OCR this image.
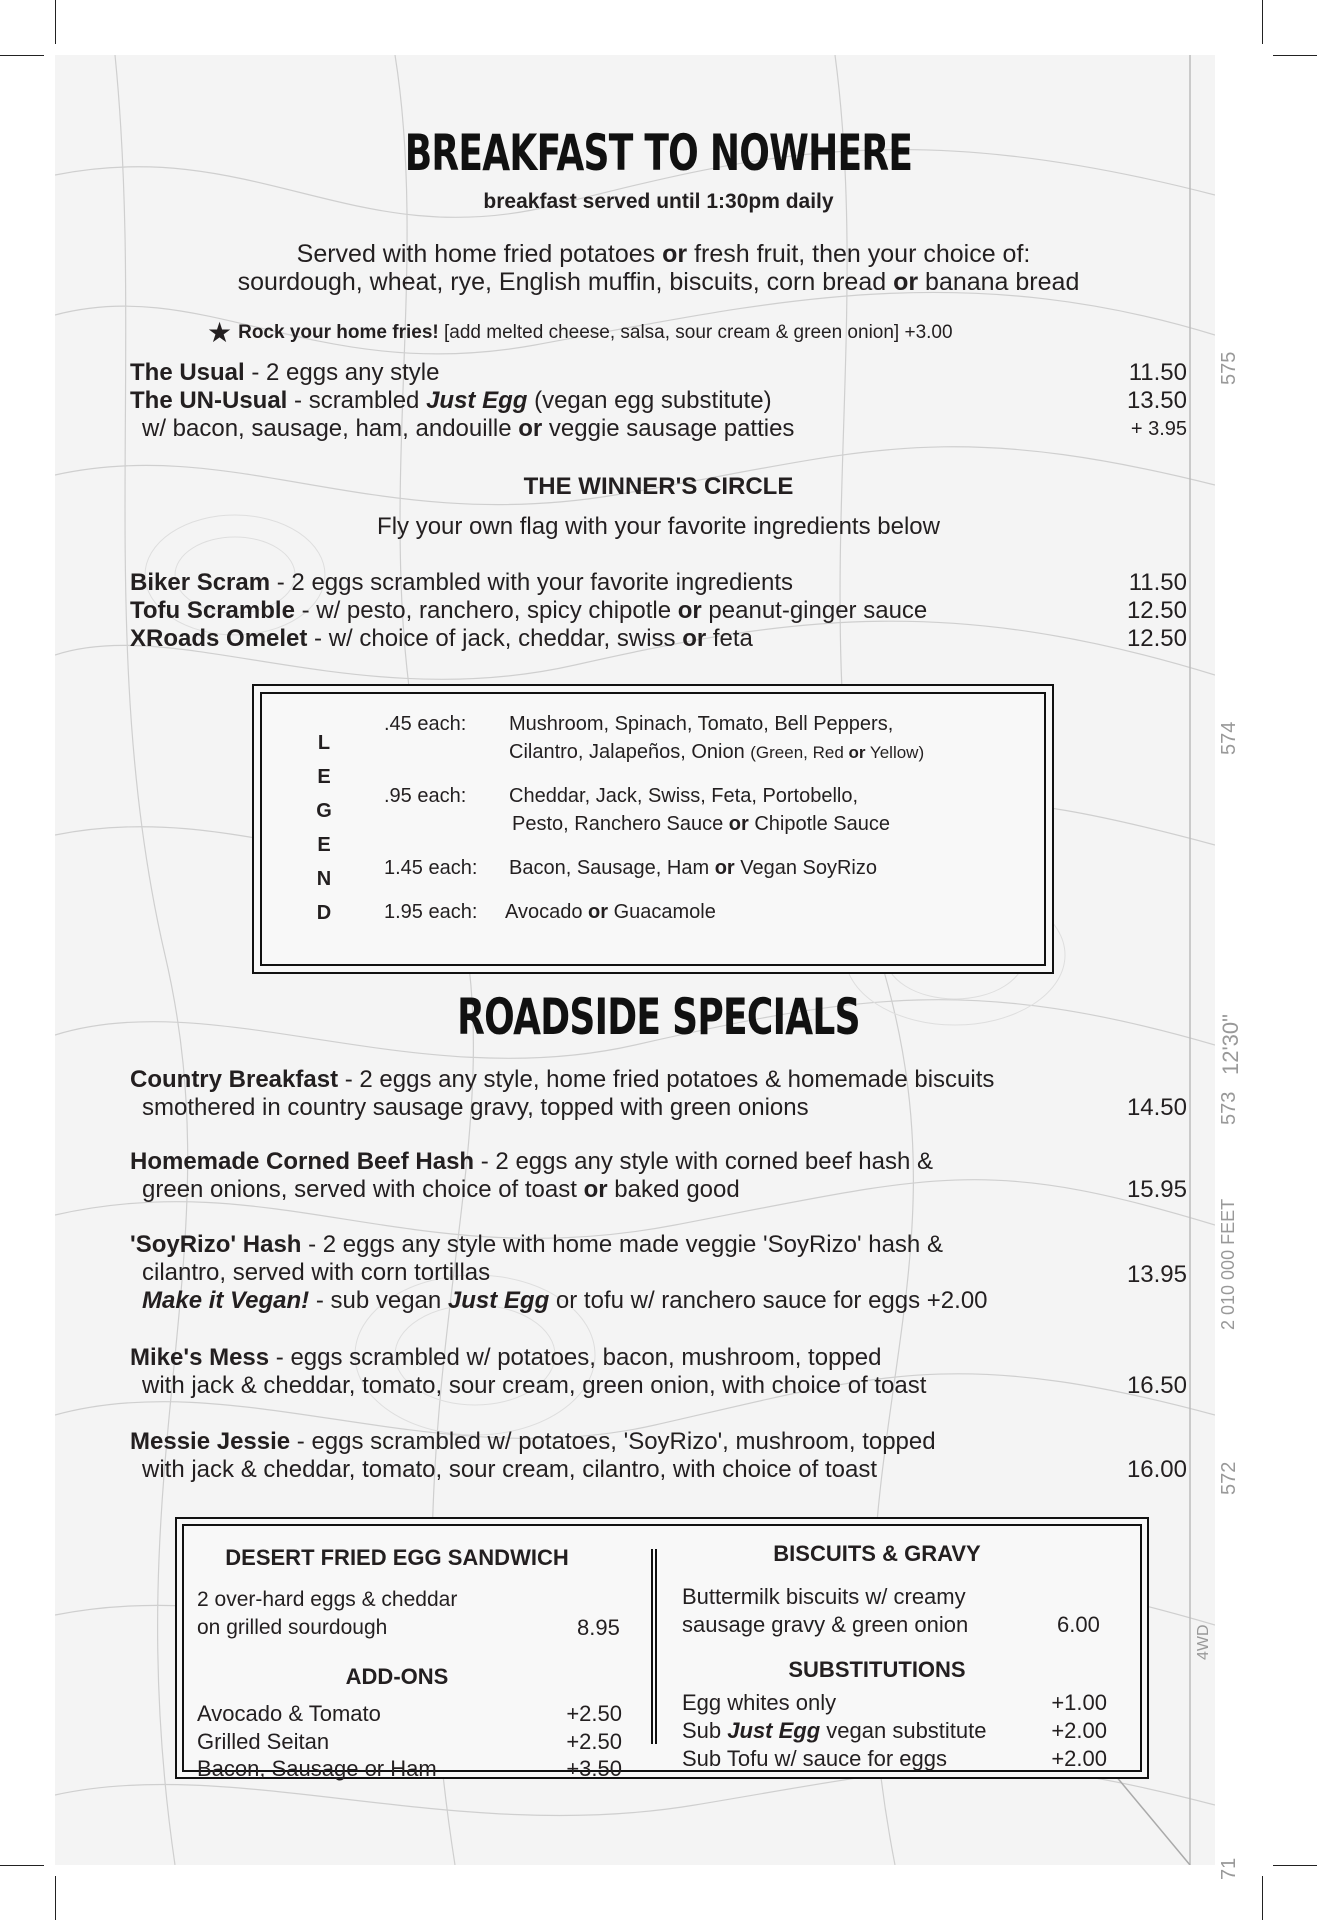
575
574
573
12'30"
2 010 000 FEET
572
71
4WD
BREAKFAST TO NOWHERE
breakfast served until 1:30pm daily
Served with home fried potatoes or fresh fruit, then your choice of:
sourdough, wheat, rye, English muffin, biscuits, corn bread or banana bread
★ Rock your home fries! [add melted cheese, salsa, sour cream & green onion] +3.00
The Usual - 2 eggs any style	11.50
The UN-Usual - scrambled Just Egg (vegan egg substitute)	13.50
w/ bacon, sausage, ham, andouille or veggie sausage patties	+ 3.95
THE WINNER'S CIRCLE
Fly your own flag with your favorite ingredients below
Biker Scram - 2 eggs scrambled with your favorite ingredients	11.50
Tofu Scramble - w/ pesto, ranchero, spicy chipotle or peanut-ginger sauce	12.50
XRoads Omelet - w/ choice of jack, cheddar, swiss or feta	12.50
L
E
G
E
N
D
.45 each: Mushroom, Spinach, Tomato, Bell Peppers,
Cilantro, Jalapeños, Onion (Green, Red or Yellow)
.95 each: Cheddar, Jack, Swiss, Feta, Portobello,
Pesto, Ranchero Sauce or Chipotle Sauce
1.45 each: Bacon, Sausage, Ham or Vegan SoyRizo
1.95 each: Avocado or Guacamole
ROADSIDE SPECIALS
Country Breakfast - 2 eggs any style, home fried potatoes & homemade biscuits
smothered in country sausage gravy, topped with green onions	14.50
Homemade Corned Beef Hash - 2 eggs any style with corned beef hash &
green onions, served with choice of toast or baked good	15.95
'SoyRizo' Hash - 2 eggs any style with home made veggie 'SoyRizo' hash &
cilantro, served with corn tortillas	13.95
Make it Vegan! - sub vegan Just Egg or tofu w/ ranchero sauce for eggs +2.00
Mike's Mess - eggs scrambled w/ potatoes, bacon, mushroom, topped
with jack & cheddar, tomato, sour cream, green onion, with choice of toast	16.50
Messie Jessie - eggs scrambled w/ potatoes, 'SoyRizo', mushroom, topped
with jack & cheddar, tomato, sour cream, cilantro, with choice of toast	16.00
DESERT FRIED EGG SANDWICH
2 over-hard eggs & cheddar
on grilled sourdough	8.95
ADD-ONS
Avocado & Tomato	+2.50
Grilled Seitan	+2.50
Bacon, Sausage or Ham	+3.50
BISCUITS & GRAVY
Buttermilk biscuits w/ creamy
sausage gravy & green onion	6.00
SUBSTITUTIONS
Egg whites only	+1.00
Sub Just Egg vegan substitute	+2.00
Sub Tofu w/ sauce for eggs	+2.00
